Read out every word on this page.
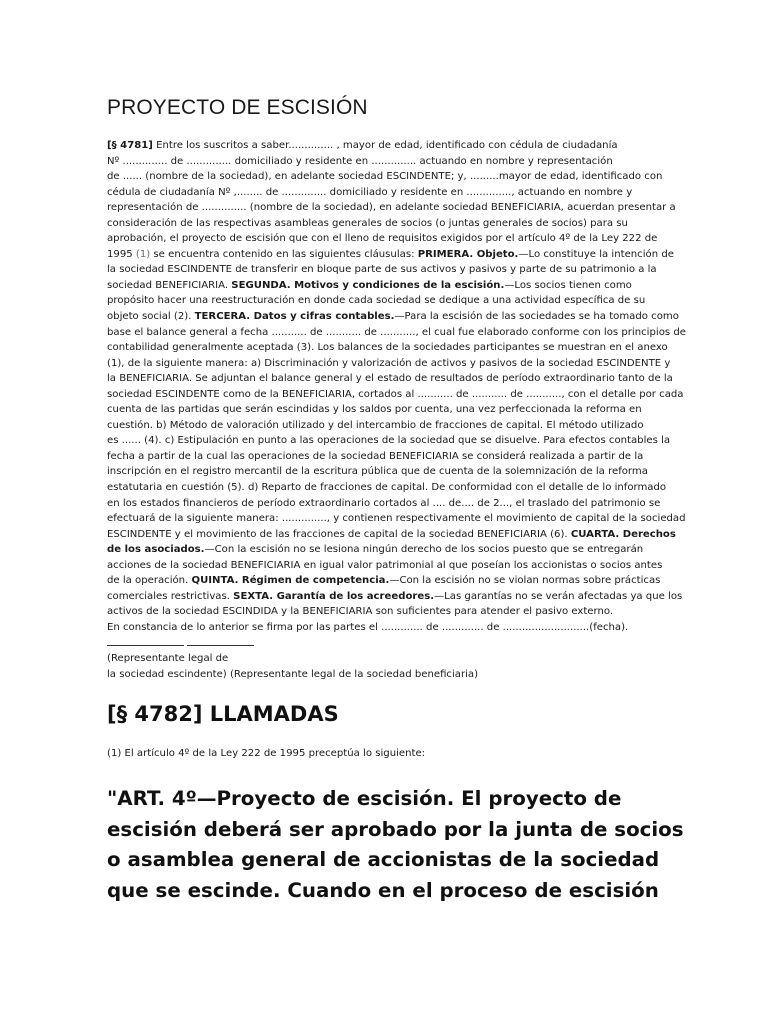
PROYECTO DE ESCISIÓN
[§ 4781] Entre los suscritos a saber.............. , mayor de edad, identificado con cédula de ciudadanía
Nº .............. de .............. domiciliado y residente en .............. actuando en nombre y representación
de ...... (nombre de la sociedad), en adelante sociedad ESCINDENTE; y, .........mayor de edad, identificado con
cédula de ciudadanía Nº ,........ de .............. domiciliado y residente en .............., actuando en nombre y
representación de .............. (nombre de la sociedad), en adelante sociedad BENEFICIARIA, acuerdan presentar a
consideración de las respectivas asambleas generales de socios (o juntas generales de socios) para su
aprobación, el proyecto de escisión que con el lleno de requisitos exigidos por el artículo 4º de la Ley 222 de
1995 (1) se encuentra contenido en las siguientes cláusulas: PRIMERA. Objeto.—Lo constituye la intención de
la sociedad ESCINDENTE de transferir en bloque parte de sus activos y pasivos y parte de su patrimonio a la
sociedad BENEFICIARIA. SEGUNDA. Motivos y condiciones de la escisión.—Los socios tienen como
propósito hacer una reestructuración en donde cada sociedad se dedique a una actividad específica de su
objeto social (2). TERCERA. Datos y cifras contables.—Para la escisión de las sociedades se ha tomado como
base el balance general a fecha ........... de ........... de ..........., el cual fue elaborado conforme con los principios de
contabilidad generalmente aceptada (3). Los balances de la sociedades participantes se muestran en el anexo
(1), de la siguiente manera: a) Discriminación y valorización de activos y pasivos de la sociedad ESCINDENTE y
la BENEFICIARIA. Se adjuntan el balance general y el estado de resultados de período extraordinario tanto de la
sociedad ESCINDENTE como de la BENEFICIARIA, cortados al ........... de ........... de ..........., con el detalle por cada
cuenta de las partidas que serán escindidas y los saldos por cuenta, una vez perfeccionada la reforma en
cuestión. b) Método de valoración utilizado y del intercambio de fracciones de capital. El método utilizado
es ...... (4). c) Estipulación en punto a las operaciones de la sociedad que se disuelve. Para efectos contables la
fecha a partir de la cual las operaciones de la sociedad BENEFICIARIA se considerá realizada a partir de la
inscripción en el registro mercantil de la escritura pública que de cuenta de la solemnización de la reforma
estatutaria en cuestión (5). d) Reparto de fracciones de capital. De conformidad con el detalle de lo informado
en los estados financieros de período extraordinario cortados al .... de.... de 2..., el traslado del patrimonio se
efectuará de la siguiente manera: .............., y contienen respectivamente el movimiento de capital de la sociedad
ESCINDENTE y el movimiento de las fracciones de capital de la sociedad BENEFICIARIA (6). CUARTA. Derechos
de los asociados.—Con la escisión no se lesiona ningún derecho de los socios puesto que se entregarán
acciones de la sociedad BENEFICIARIA en igual valor patrimonial al que poseían los accionistas o socios antes
de la operación. QUINTA. Régimen de competencia.—Con la escisión no se violan normas sobre prácticas
comerciales restrictivas. SEXTA. Garantía de los acreedores.—Las garantías no se verán afectadas ya que los
activos de la sociedad ESCINDIDA y la BENEFICIARIA son suficientes para atender el pasivo externo.
En constancia de lo anterior se firma por las partes el ............. de ............. de ...........................(fecha).
(Representante legal de
la sociedad escindente) (Representante legal de la sociedad beneficiaria)
[§ 4782] LLAMADAS

(1) El artículo 4º de la Ley 222 de 1995 preceptúa lo siguiente:

"ART. 4º—Proyecto de escisión. El proyecto de
escisión deberá ser aprobado por la junta de socios
o asamblea general de accionistas de la sociedad
que se escinde. Cuando en el proceso de escisión
